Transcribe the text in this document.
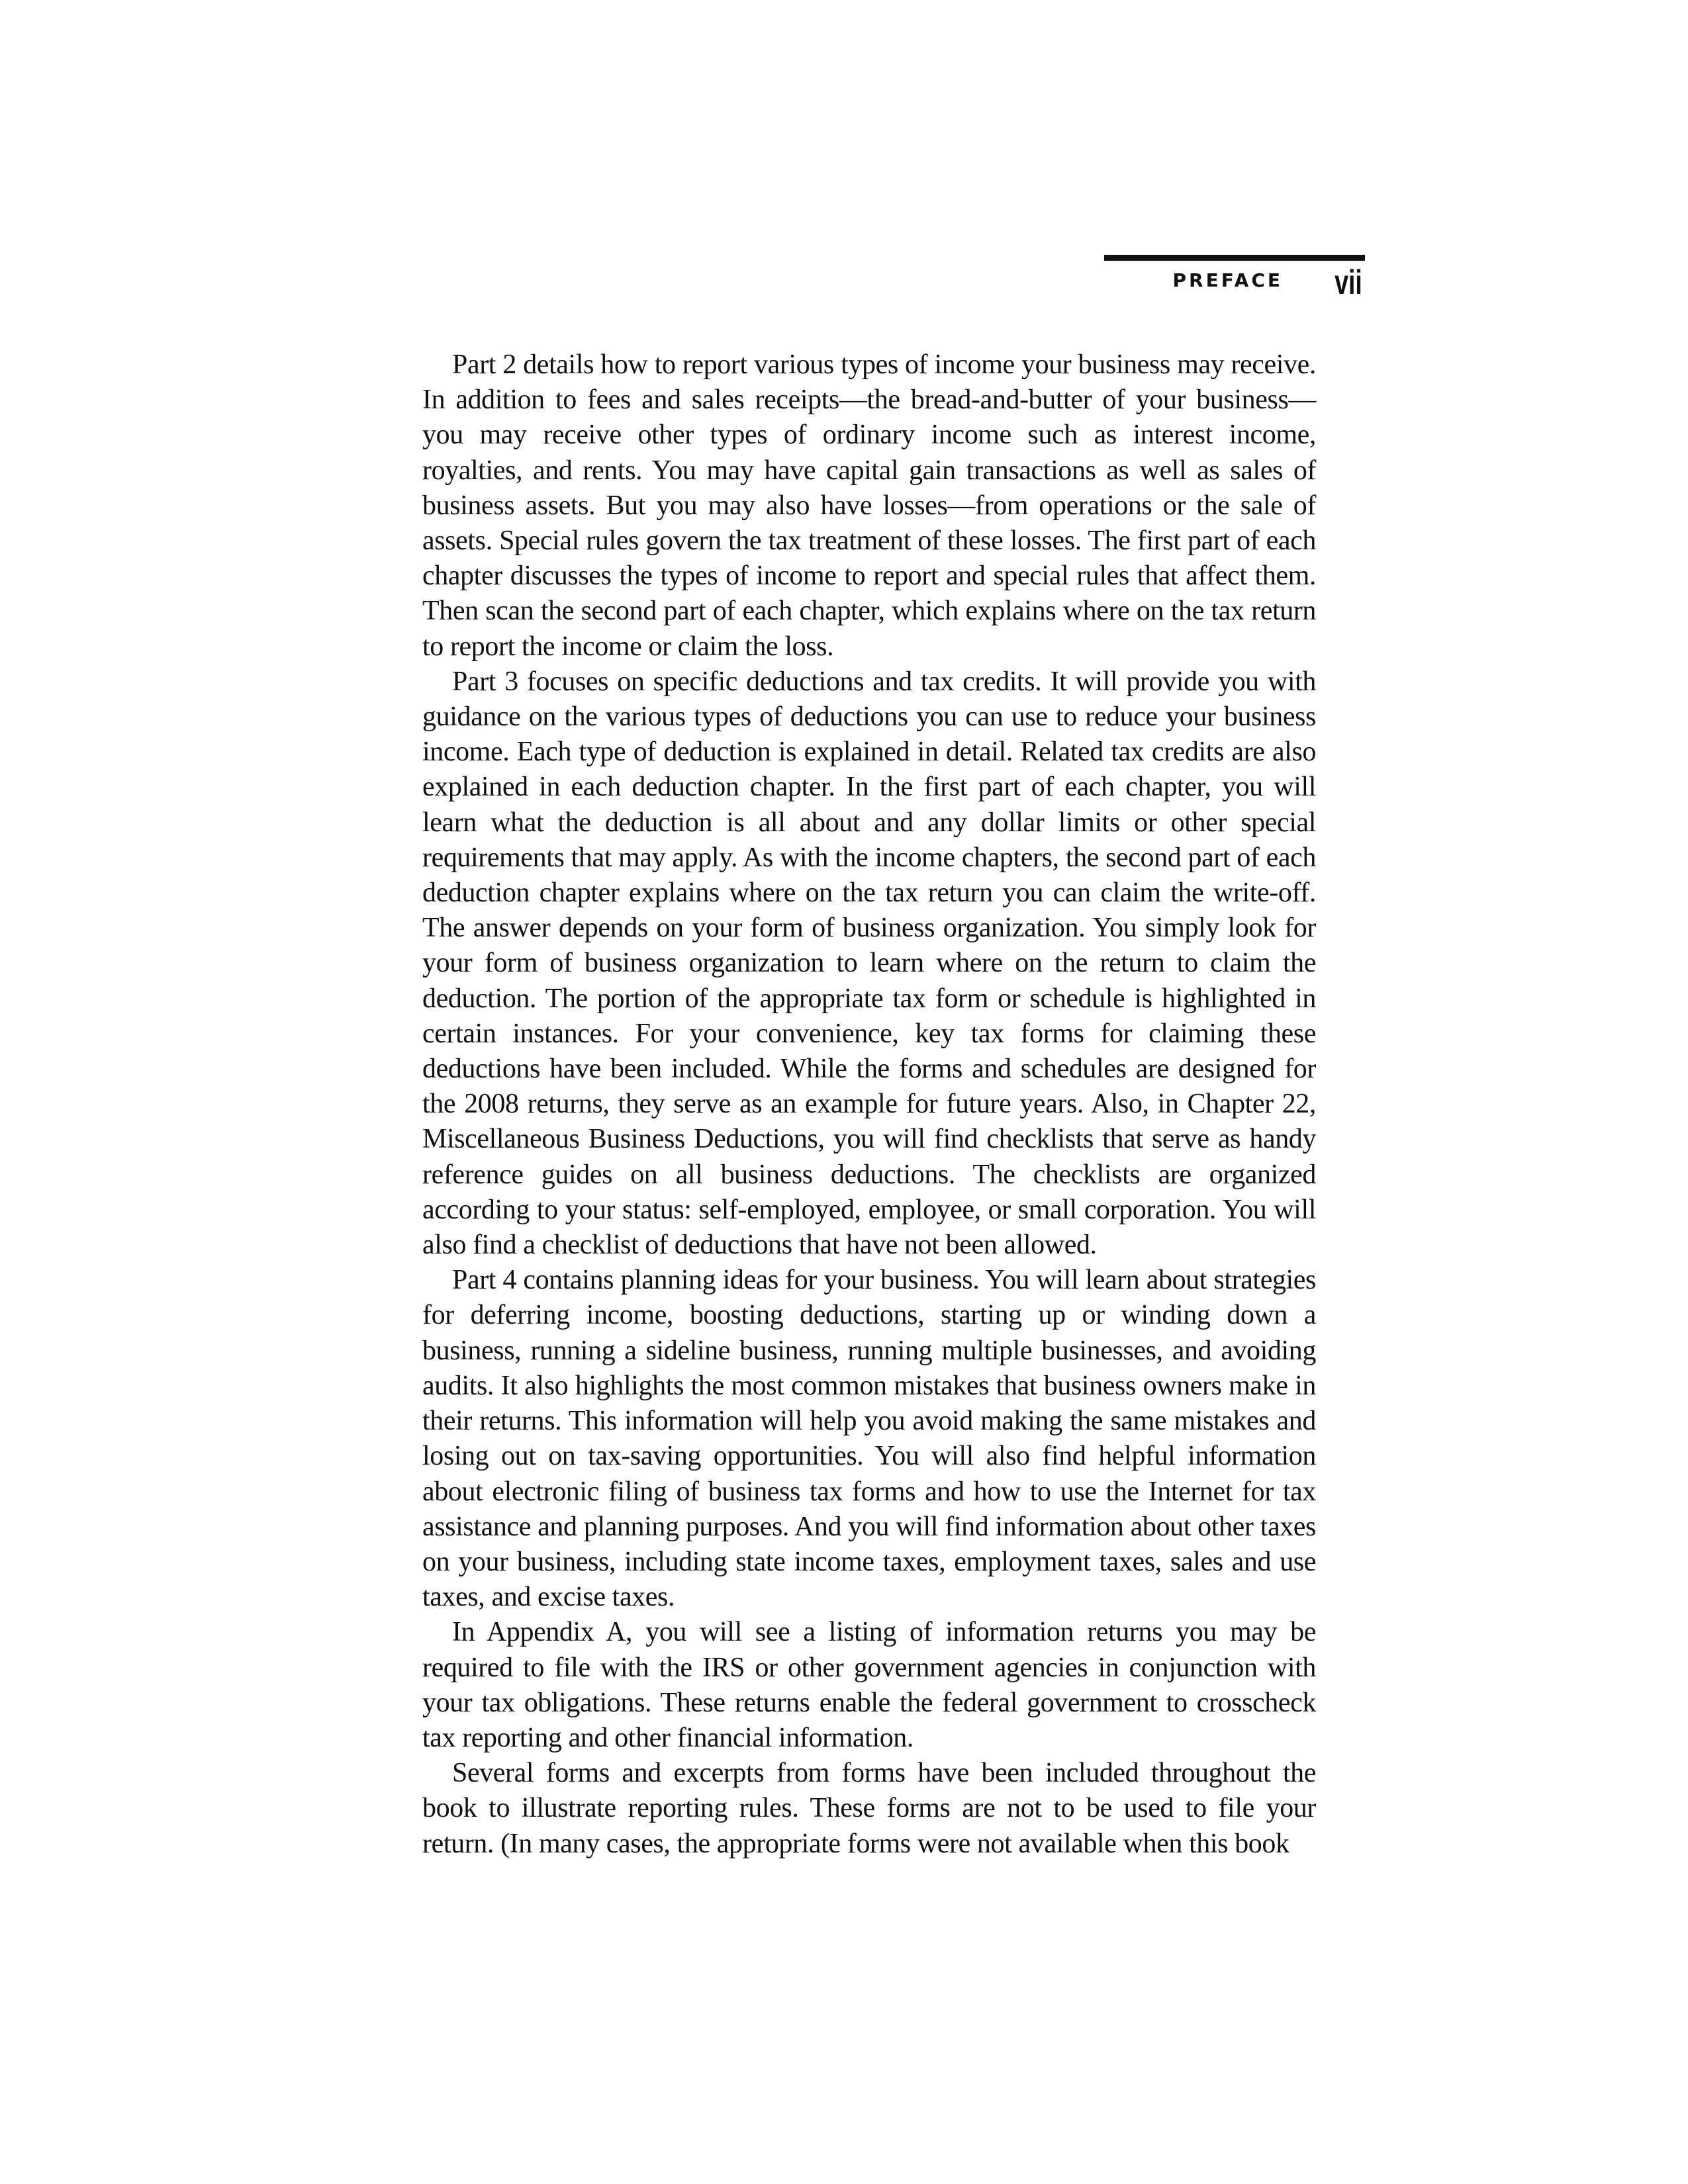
PREFACE vii

Part 2 details how to report various types of income your business may receive. In addition to fees and sales receipts—the bread-and-butter of your business—you may receive other types of ordinary income such as interest income, royalties, and rents. You may have capital gain transactions as well as sales of business assets. But you may also have losses—from operations or the sale of assets. Special rules govern the tax treatment of these losses. The first part of each chapter discusses the types of income to report and special rules that affect them. Then scan the second part of each chapter, which explains where on the tax return to report the income or claim the loss.

Part 3 focuses on specific deductions and tax credits. It will provide you with guidance on the various types of deductions you can use to reduce your business income. Each type of deduction is explained in detail. Related tax credits are also explained in each deduction chapter. In the first part of each chapter, you will learn what the deduction is all about and any dollar limits or other special requirements that may apply. As with the income chapters, the second part of each deduction chapter explains where on the tax return you can claim the write-off. The answer depends on your form of business organization. You simply look for your form of business organization to learn where on the return to claim the deduction. The portion of the appropriate tax form or schedule is highlighted in certain instances. For your convenience, key tax forms for claiming these deductions have been included. While the forms and schedules are designed for the 2008 returns, they serve as an example for future years. Also, in Chapter 22, Miscellaneous Business Deductions, you will find checklists that serve as handy reference guides on all business deductions. The checklists are organized according to your status: self-employed, employee, or small corporation. You will also find a checklist of deductions that have not been allowed.

Part 4 contains planning ideas for your business. You will learn about strategies for deferring income, boosting deductions, starting up or winding down a business, running a sideline business, running multiple businesses, and avoiding audits. It also highlights the most common mistakes that business owners make in their returns. This information will help you avoid making the same mistakes and losing out on tax-saving opportunities. You will also find helpful information about electronic filing of business tax forms and how to use the Internet for tax assistance and planning purposes. And you will find information about other taxes on your business, including state income taxes, employment taxes, sales and use taxes, and excise taxes.

In Appendix A, you will see a listing of information returns you may be required to file with the IRS or other government agencies in conjunction with your tax obligations. These returns enable the federal government to crosscheck tax reporting and other financial information.

Several forms and excerpts from forms have been included throughout the book to illustrate reporting rules. These forms are not to be used to file your return. (In many cases, the appropriate forms were not available when this book
